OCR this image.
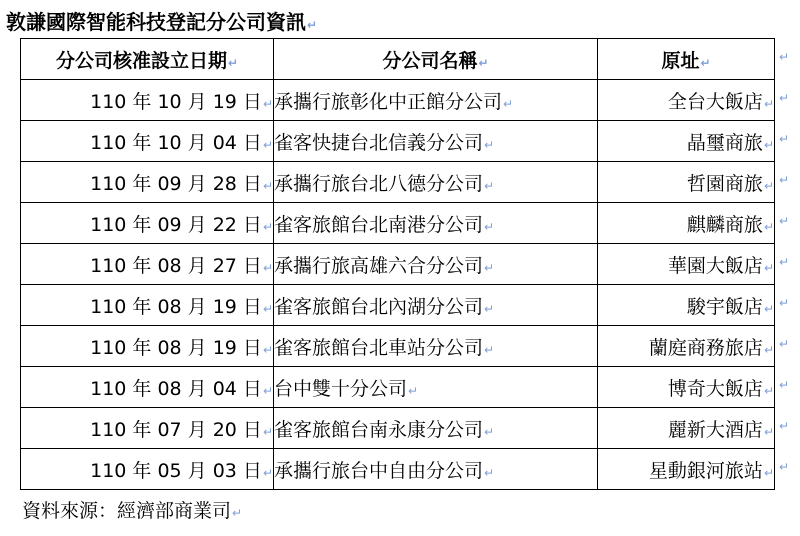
敦謙國際智能科技登記分公司資訊↵
分公司核准設立日期↵	分公司名稱↵	原址↵
110 年 10 月 19 日↵	承攜行旅彰化中正館分公司↵	全台大飯店↵
110 年 10 月 04 日↵	雀客快捷台北信義分公司↵	晶璽商旅↵
110 年 09 月 28 日↵	承攜行旅台北八德分公司↵	哲園商旅↵
110 年 09 月 22 日↵	雀客旅館台北南港分公司↵	麒麟商旅↵
110 年 08 月 27 日↵	承攜行旅高雄六合分公司↵	華園大飯店↵
110 年 08 月 19 日↵	雀客旅館台北內湖分公司↵	駿宇飯店↵
110 年 08 月 19 日↵	雀客旅館台北車站分公司↵	蘭庭商務旅店↵
110 年 08 月 04 日↵	台中雙十分公司↵	博奇大飯店↵
110 年 07 月 20 日↵	雀客旅館台南永康分公司↵	麗新大酒店↵
110 年 05 月 03 日↵	承攜行旅台中自由分公司↵	星動銀河旅站↵
↵
↵
↵
↵
↵
↵
↵
↵
↵
↵
↵
資料來源：經濟部商業司↵
